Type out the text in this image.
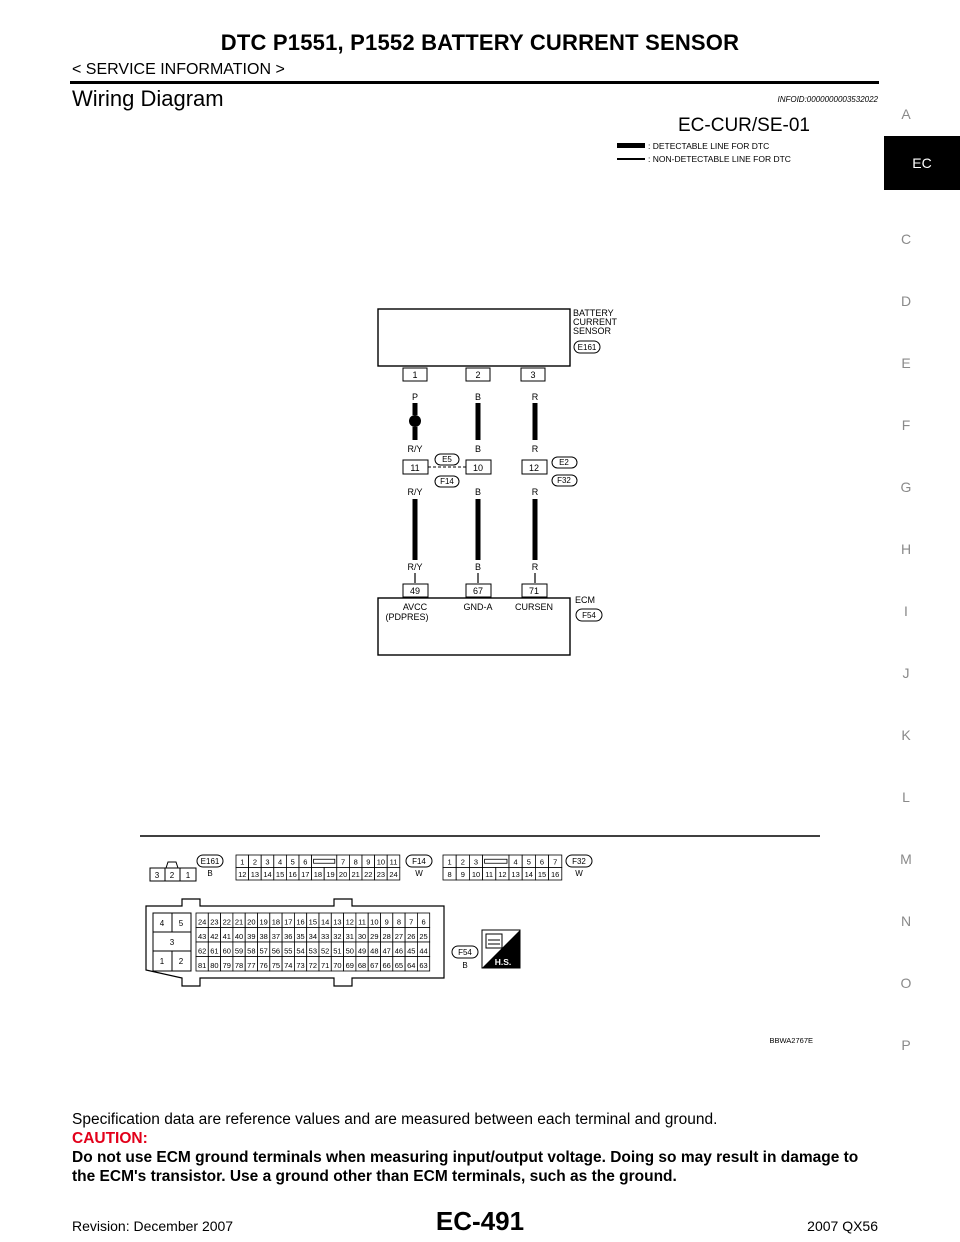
DTC P1551, P1552 BATTERY CURRENT SENSOR
< SERVICE INFORMATION >
Wiring Diagram	INFOID:0000000003532022
A
EC
C
D
E
F
G
H
I
J
K
L
M
N
O
P
EC-CUR/SE-01
: DETECTABLE LINE FOR DTC
: NON-DETECTABLE LINE FOR DTC
BATTERY
CURRENT
SENSOR
E161
1	2	3
P	B	R
R/Y	B	R
11	10	12
E5
F14
E2
F32
R/Y	B	R
R/Y	B	R
49	67	71
AVCC
(PDPRES)
GND-A CURSEN
ECM
F54
3 2 1
E161
B
1 2 3 4 5 6	7 8 9 10 11
12 13 14 15 16 17 18 19 20 21 22 23 24
F14
W
1 2 3	4 5 6 7
8 9 10 11 12 13 14 15 16
F32
W
4 5
3
1 2
24 23 22 21 20 19 18 17 16 15 14 13 12 11 10 9 8 7 6
43 42 41 40 39 38 37 36 35 34 33 32 31 30 29 28 27 26 25
62 61 60 59 58 57 56 55 54 53 52 51 50 49 48 47 46 45 44
81 80 79 78 77 76 75 74 73 72 71 70 69 68 67 66 65 64 63
F54
B	H.S.
BBWA2767E
Specification data are reference values and are measured between each terminal and ground.
CAUTION:
Do not use ECM ground terminals when measuring input/output voltage. Doing so may result in damage to the ECM's transistor. Use a ground other than ECM terminals, such as the ground.
Revision: December 2007	EC-491	2007 QX56
